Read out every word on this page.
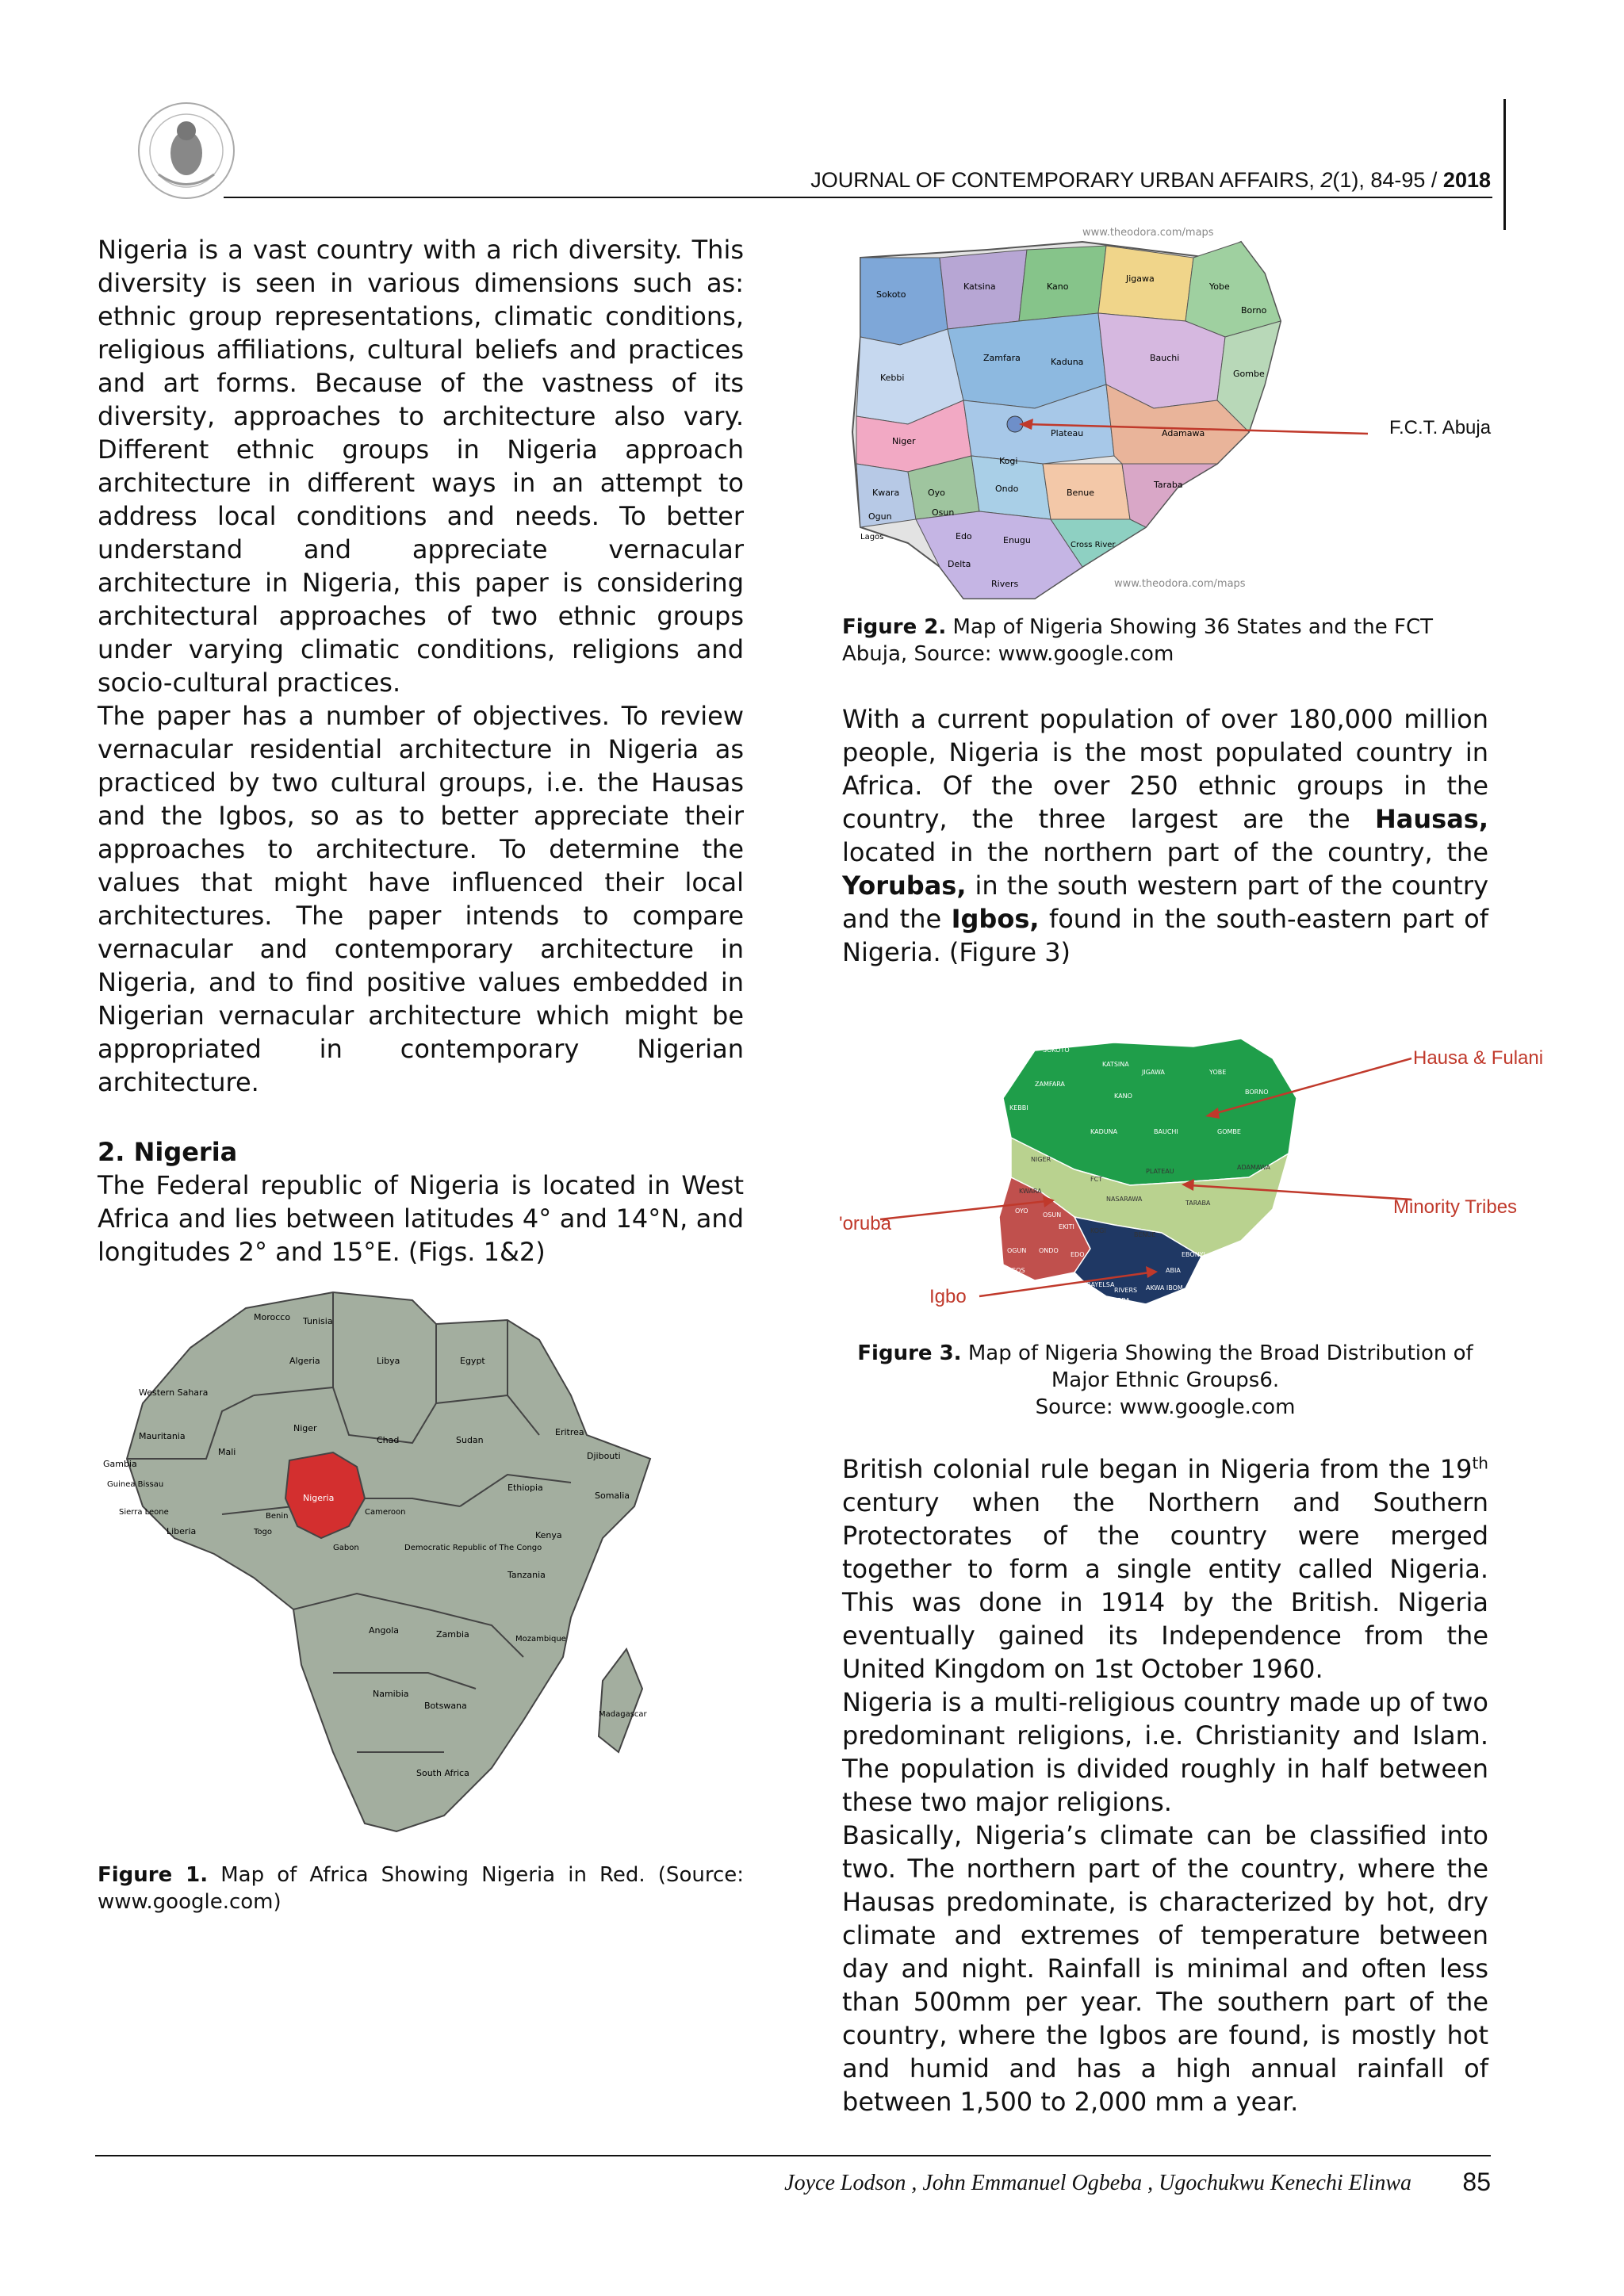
JOURNAL OF CONTEMPORARY URBAN AFFAIRS, 2(1), 84-95 / 2018

Nigeria is a vast country with a rich diversity. This diversity is seen in various dimensions such as: ethnic group representations, climatic conditions, religious affiliations, cultural beliefs and practices and art forms. Because of the vastness of its diversity, approaches to architecture also vary. Different ethnic groups in Nigeria approach architecture in different ways in an attempt to address local conditions and needs. To better understand and appreciate vernacular architecture in Nigeria, this paper is considering architectural approaches of two ethnic groups under varying climatic conditions, religions and socio-cultural practices.

The paper has a number of objectives. To review vernacular residential architecture in Nigeria as practiced by two cultural groups, i.e. the Hausas and the Igbos, so as to better appreciate their approaches to architecture. To determine the values that might have influenced their local architectures. The paper intends to compare vernacular and contemporary architecture in Nigeria, and to find positive values embedded in Nigerian vernacular architecture which might be appropriated in contemporary Nigerian architecture.

2. Nigeria

The Federal republic of Nigeria is located in West Africa and lies between latitudes 4° and 14°N, and longitudes 2° and 15°E. (Figs. 1&2)

Tunisia
Morocco
Algeria	Libya	Egypt
Western Sahara
Mauritania
Mali
Niger
Chad	Sudan
Eritrea
Djibouti
Gambia
Guinea Bissau
Sierra Leone
Liberia
Nigeria
Cameroon
Ethiopia
Somalia
Kenya
Tanzania
Angola	Zambia
Namibia
Botswana
South Africa
Madagascar
Mozambique
Democratic Republic of The Congo
Gabon
Benin
Togo

Figure 1. Map of Africa Showing Nigeria in Red. (Source: www.google.com)

www.theodora.com/maps
www.theodora.com/maps
Sokoto
Katsina	Kano
Jigawa
Yobe
Borno
Kebbi
Zamfara	Kaduna	Bauchi
Gombe
Niger
Plateau	Adamawa
Kwara	Oyo
Ogun	Osun
Ondo
Kogi
Benue
Taraba
Enugu
Edo
Delta
Rivers
Cross River
Lagos
F.C.T. Abuja

Figure 2. Map of Nigeria Showing 36 States and the FCT Abuja, Source: www.google.com

With a current population of over 180,000 million people, Nigeria is the most populated country in Africa. Of the over 250 ethnic groups in the country, the three largest are the Hausas, located in the northern part of the country, the Yorubas, in the south western part of the country and the Igbos, found in the south-eastern part of Nigeria. (Figure 3)

SOKOTO
KATSINA
ZAMFARA
JIGAWA	YOBE
BORNO
KEBBI
KANO
KADUNA	BAUCHI	GOMBE
NIGER
FCT
PLATEAU
ADAMAWA
KWARA
NASARAWA
TARABA
OYO
OSUN
EKITI
KOGI
BENUE
OGUN ONDO
EDO
LAGOS
EBONYI
BAYELSA
RIVERS AKWA IBOM
ABIA
ANAMBRA
ENUGU
Hausa & Fulani
Minority Tribes
'oruba
Igbo
Figure 3. Map of Nigeria Showing the Broad Distribution of
Major Ethnic Groups6.
Source: www.google.com

British colonial rule began in Nigeria from the 19th century when the Northern and Southern Protectorates of the country were merged together to form a single entity called Nigeria. This was done in 1914 by the British. Nigeria eventually gained its Independence from the United Kingdom on 1st October 1960.

Nigeria is a multi-religious country made up of two predominant religions, i.e. Christianity and Islam. The population is divided roughly in half between these two major religions.

Basically, Nigeria’s climate can be classified into two. The northern part of the country, where the Hausas predominate, is characterized by hot, dry climate and extremes of temperature between day and night. Rainfall is minimal and often less than 500mm per year. The southern part of the country, where the Igbos are found, is mostly hot and humid and has a high annual rainfall of between 1,500 to 2,000 mm a year.

Joyce Lodson , John Emmanuel Ogbeba , Ugochukwu Kenechi Elinwa	85
